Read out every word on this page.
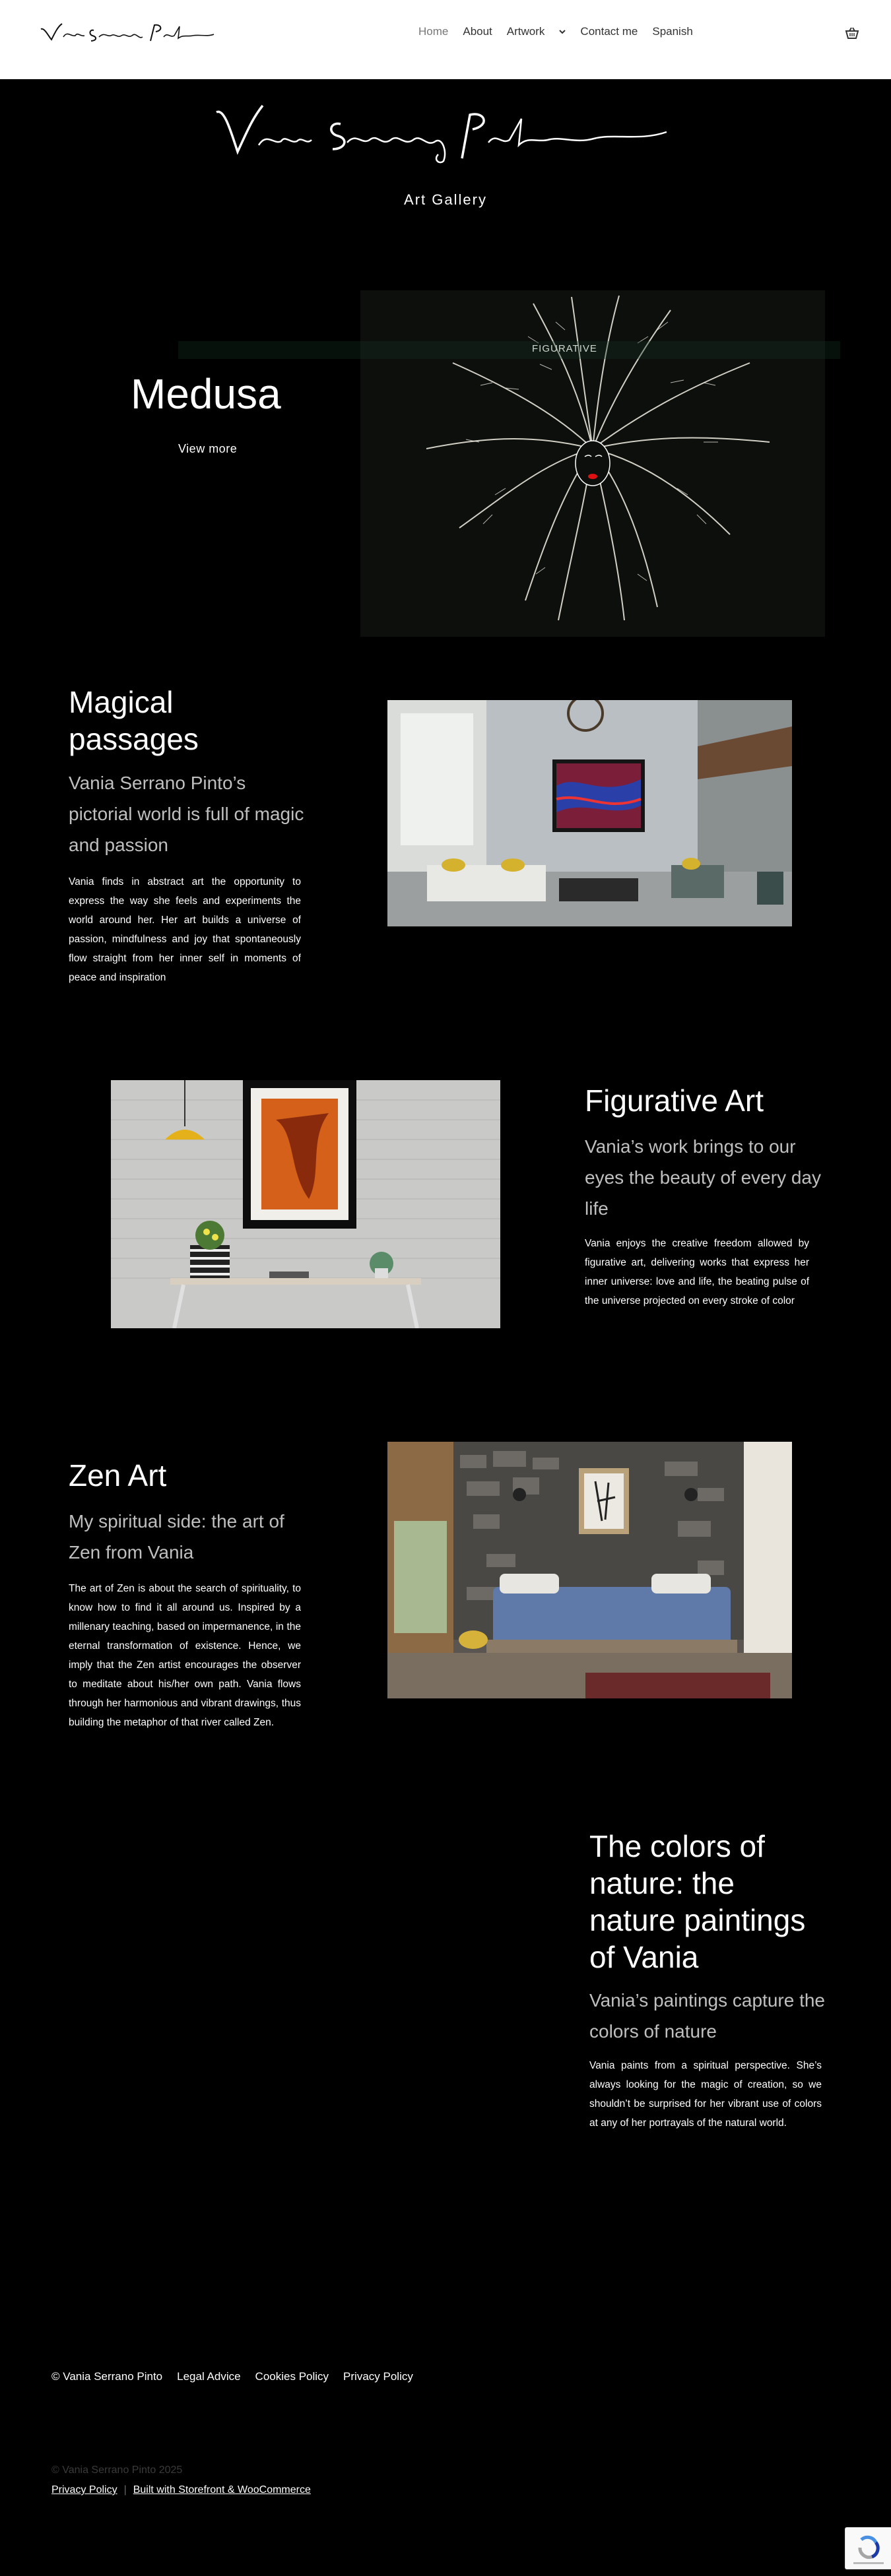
Home About Artwork	Contact me Spanish
Art Gallery
FIGURATIVE
Medusa
View more
Magical passages
Vania Serrano Pinto’s pictorial world is full of magic and passion
Vania finds in abstract art the opportunity to express the way she feels and experiments the world around her. Her art builds a universe of passion, mindfulness and joy that spontaneously flow straight from her inner self in moments of peace and inspiration
Figurative Art
Vania’s work brings to our eyes the beauty of every day life
Vania enjoys the creative freedom allowed by figurative art, delivering works that express her inner universe: love and life, the beating pulse of the universe projected on every stroke of color
Zen Art
My spiritual side: the art of Zen from Vania
The art of Zen is about the search of spirituality, to know how to find it all around us. Inspired by a millenary teaching, based on impermanence, in the eternal transformation of existence. Hence, we imply that the Zen artist encourages the observer to meditate about his/her own path. Vania flows through her harmonious and vibrant drawings, thus building the metaphor of that river called Zen.
The colors of nature: the nature paintings of Vania
Vania’s paintings capture the colors of nature
Vania paints from a spiritual perspective. She’s always looking for the magic of creation, so we shouldn’t be surprised for her vibrant use of colors at any of her portrayals of the natural world.
© Vania Serrano Pinto Legal Advice Cookies Policy Privacy Policy
© Vania Serrano Pinto 2025
Privacy Policy | Built with Storefront & WooCommerce
